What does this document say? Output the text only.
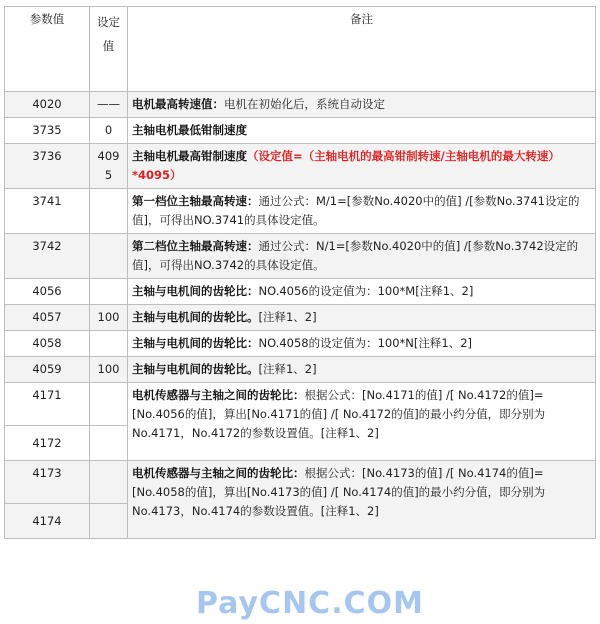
参数值	设定值	备注
4020	——	电机最高转速值：电机在初始化后，系统自动设定
3735	0	主轴电机最低钳制速度
3736	4095	主轴电机最高钳制速度（设定值=（主轴电机的最高钳制转速/主轴电机的最大转速）*4095）
3741		第一档位主轴最高转速：通过公式：M/1=[参数No.4020中的值] /[参数No.3741设定的值]，可得出NO.3741的具体设定值。
3742		第二档位主轴最高转速：通过公式：N/1=[参数No.4020中的值] /[参数No.3742设定的值]，可得出NO.3742的具体设定值。
4056		主轴与电机间的齿轮比：NO.4056的设定值为：100*M[注释1、2]
4057	100	主轴与电机间的齿轮比。[注释1、2]
4058		主轴与电机间的齿轮比：NO.4058的设定值为：100*N[注释1、2]
4059	100	主轴与电机间的齿轮比。[注释1、2]
4171		电机传感器与主轴之间的齿轮比：根据公式：[No.4171的值] /[ No.4172的值]=[No.4056的值]，算出[No.4171的值] /[ No.4172的值]的最小约分值，即分别为No.4171，No.4172的参数设置值。[注释1、2]
4172		
4173		电机传感器与主轴之间的齿轮比：根据公式：[No.4173的值] /[ No.4174的值]=[No.4058的值]，算出[No.4173的值] /[ No.4174的值]的最小约分值，即分别为No.4173，No.4174的参数设置值。[注释1、2]
4174		
PayCNC.COM
